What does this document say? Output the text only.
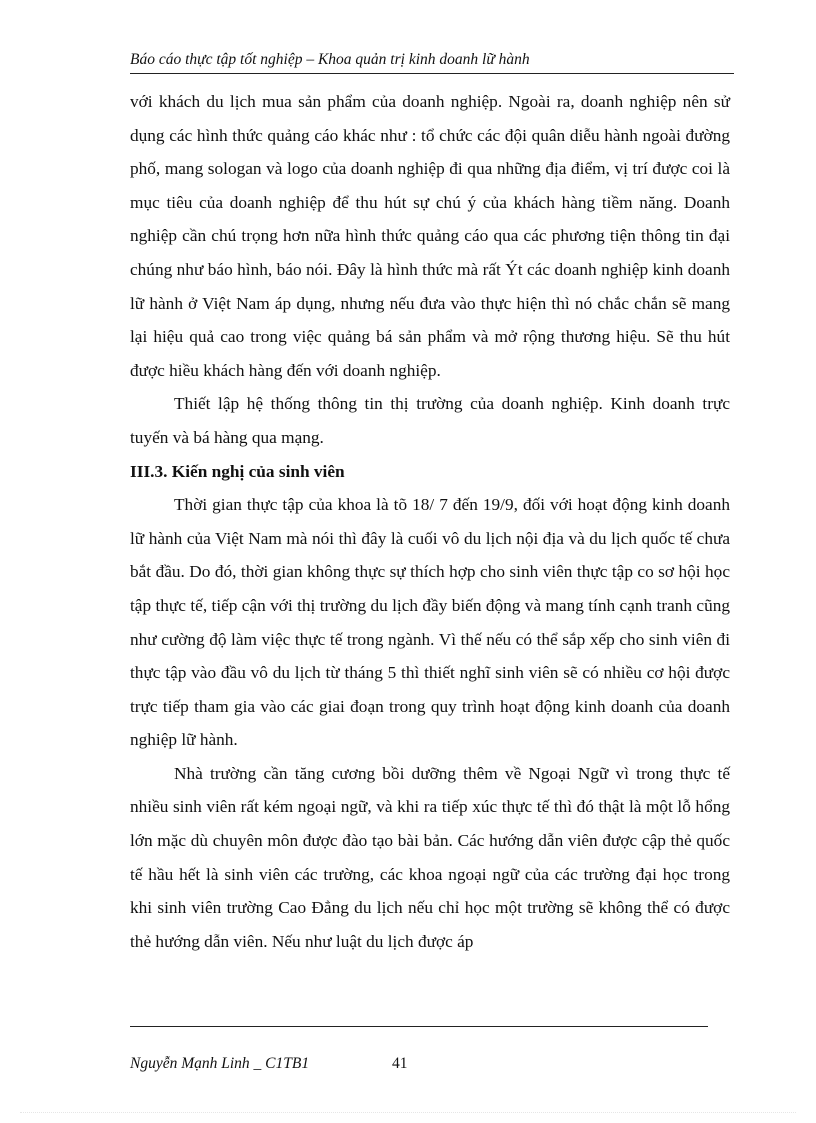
Báo cáo thực tập tốt nghiệp – Khoa quản trị kinh doanh lữ hành

với khách du lịch mua sản phẩm của doanh nghiệp. Ngoài ra, doanh nghiệp nên sử dụng các hình thức quảng cáo khác như : tổ chức các đội quân diễu hành ngoài đường phố, mang sologan và logo của doanh nghiệp đi qua những địa điểm, vị trí được coi là mục tiêu của doanh nghiệp để thu hút sự chú ý của khách hàng tiềm năng. Doanh nghiệp cần chú trọng hơn nữa hình thức quảng cáo qua các phương tiện thông tin đại chúng như báo hình, báo nói. Đây là hình thức mà rất Ýt các doanh nghiệp kinh doanh lữ hành ở Việt Nam áp dụng, nhưng nếu đưa vào thực hiện thì nó chắc chắn sẽ mang lại hiệu quả cao trong việc quảng bá sản phẩm và mở rộng thương hiệu. Sẽ thu hút được hiều khách hàng đến với doanh nghiệp.

Thiết lập hệ thống thông tin thị trường của doanh nghiệp. Kinh doanh trực tuyến và bá hàng qua mạng.

III.3. Kiến nghị của sinh viên

Thời gian thực tập của khoa là tõ 18/ 7 đến 19/9, đối với hoạt động kinh doanh lữ hành của Việt Nam mà nói thì đây là cuối vô du lịch nội địa và du lịch quốc tế chưa bắt đầu. Do đó, thời gian không thực sự thích hợp cho sinh viên thực tập co sơ hội học tập thực tế, tiếp cận với thị trường du lịch đầy biến động và mang tính cạnh tranh cũng như cường độ làm việc thực tế trong ngành. Vì thế nếu có thể sắp xếp cho sinh viên đi thực tập vào đầu vô du lịch từ tháng 5 thì thiết nghĩ sinh viên sẽ có nhiều cơ hội được trực tiếp tham gia vào các giai đoạn trong quy trình hoạt động kinh doanh của doanh nghiệp lữ hành.

Nhà trường cần tăng cương bồi dưỡng thêm về Ngoại Ngữ vì trong thực tế nhiều sinh viên rất kém ngoại ngữ, và khi ra tiếp xúc thực tế thì đó thật là một lỗ hổng lớn mặc dù chuyên môn được đào tạo bài bản. Các hướng dẫn viên được cập thẻ quốc tế hầu hết là sinh viên các trường, các khoa ngoại ngữ của các trường đại học trong khi sinh viên trường Cao Đẳng du lịch nếu chỉ học một trường sẽ không thể có được thẻ hướng dẫn viên. Nếu như luật du lịch được áp

Nguyễn Mạnh Linh _ C1TB1	41
